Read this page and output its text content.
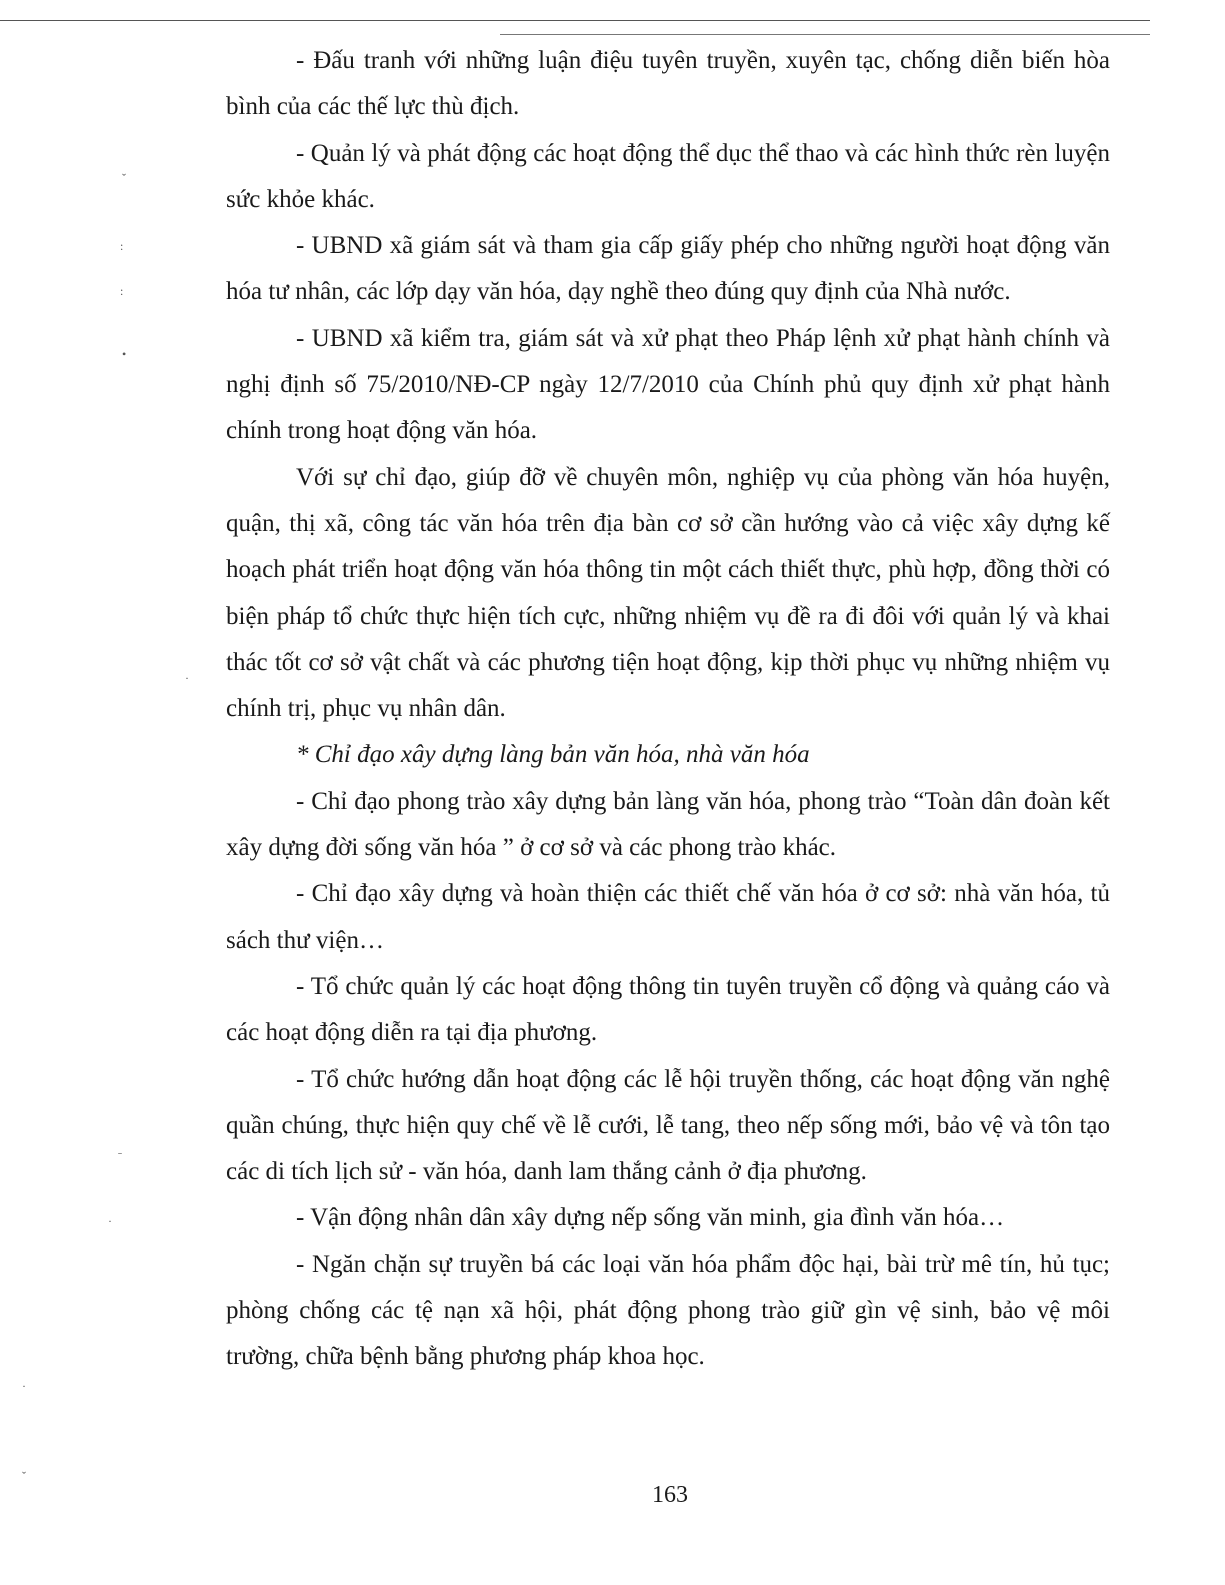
ˇ
:
:
•
·
ˉ
·
·
ˇ

- Đấu tranh với những luận điệu tuyên truyền, xuyên tạc, chống diễn biến hòa bình của các thế lực thù địch.

- Quản lý và phát động các hoạt động thể dục thể thao và các hình thức rèn luyện sức khỏe khác.

- UBND xã giám sát và tham gia cấp giấy phép cho những người hoạt động văn hóa tư nhân, các lớp dạy văn hóa, dạy nghề theo đúng quy định của Nhà nước.

- UBND xã kiểm tra, giám sát và xử phạt theo Pháp lệnh xử phạt hành chính và nghị định số 75/2010/NĐ-CP ngày 12/7/2010 của Chính phủ quy định xử phạt hành chính trong hoạt động văn hóa.

Với sự chỉ đạo, giúp đỡ về chuyên môn, nghiệp vụ của phòng văn hóa huyện, quận, thị xã, công tác văn hóa trên địa bàn cơ sở cần hướng vào cả việc xây dựng kế hoạch phát triển hoạt động văn hóa thông tin một cách thiết thực, phù hợp, đồng thời có biện pháp tổ chức thực hiện tích cực, những nhiệm vụ đề ra đi đôi với quản lý và khai thác tốt cơ sở vật chất và các phương tiện hoạt động, kịp thời phục vụ những nhiệm vụ chính trị, phục vụ nhân dân.

* Chỉ đạo xây dựng làng bản văn hóa, nhà văn hóa

- Chỉ đạo phong trào xây dựng bản làng văn hóa, phong trào “Toàn dân đoàn kết xây dựng đời sống văn hóa ” ở cơ sở và các phong trào khác.

- Chỉ đạo xây dựng và hoàn thiện các thiết chế văn hóa ở cơ sở: nhà văn hóa, tủ sách thư viện…

- Tổ chức quản lý các hoạt động thông tin tuyên truyền cổ động và quảng cáo và các hoạt động diễn ra tại địa phương.

- Tổ chức hướng dẫn hoạt động các lễ hội truyền thống, các hoạt động văn nghệ quần chúng, thực hiện quy chế về lễ cưới, lễ tang, theo nếp sống mới, bảo vệ và tôn tạo các di tích lịch sử - văn hóa, danh lam thắng cảnh ở địa phương.

- Vận động nhân dân xây dựng nếp sống văn minh, gia đình văn hóa…

- Ngăn chặn sự truyền bá các loại văn hóa phẩm độc hại, bài trừ mê tín, hủ tục; phòng chống các tệ nạn xã hội, phát động phong trào giữ gìn vệ sinh, bảo vệ môi trường, chữa bệnh bằng phương pháp khoa học.

163
